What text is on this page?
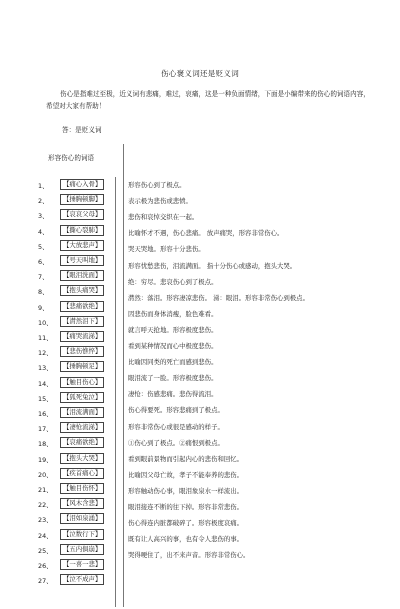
伤心褒义词还是贬义词
伤心是指难过至极，近义词有悲痛，难过，哀痛，这是一种负面情绪，下面是小编带来的伤心的词语内容，希望对大家有帮助！
答：是贬义词
形容伤心的词语
1、
2、
3、
4、
5、
6、
7、
8、
9、
10、
11、
12、
13、
14、
15、
16、
17、
18、
19、
20、
21、
22、
23、
24、
25、
26、
27、
【痛心入骨】
【捶胸顿脚】
【哀哀父母】
【撕心裂肺】
【大放悲声】
【号天叫地】
【眼泪洗面】
【抱头痛哭】
【悲痛欲绝】
【潸然泪下】
【痛哭流涕】
【悲伤憔悴】
【捶胸顿足】
【触目伤心】
【狐死兔泣】
【泪流满面】
【凄怆流涕】
【哀痛欲绝】
【抱头大哭】
【疾首痛心】
【触目伤怀】
【风木含悲】
【泪如泉涌】
【泣数行下】
【五内俱崩】
【一喜一悲】
【泣不成声】
形容伤心到了极点。
表示极为悲伤或悲愤。
悲伤和哀悼交织在一起。
比喻怀才不遇，伤心悲痛。 放声痛哭，形容非常伤心。
哭天哭地。形容十分悲伤。
形容忧愁悲伤，泪流满面。 指十分伤心或感动，抱头大哭。
绝：穷尽。悲哀伤心到了极点。
潸然：落泪。形容凄凉悲伤。 涕：眼泪。形容非常伤心到极点。
因悲伤而身体消瘦，脸色难看。
就言呼天抢地。形容极度悲伤。
看到某种情况而心中极度悲伤。
比喻因同类的死亡而感到悲伤。
眼泪流了一脸。形容极度悲伤。
凄怆：伤感悲痛。悲伤得流泪。
伤心得要死。形容悲痛到了极点。
形容非常伤心或很是感动的样子。
①伤心到了极点。②痛恨到极点。
看到眼前景物而引起内心的悲伤和回忆。
比喻因父母亡故，孝子不能奉养的悲伤。
形容触动伤心事，眼泪象泉水一样流出。
眼泪接连不断的往下掉。形容非常悲伤。
伤心得连内脏都破碎了。形容极度哀痛。
既有让人高兴的事，也有令人悲伤的事。
哭得哽住了，出不来声音。形容非常伤心。
